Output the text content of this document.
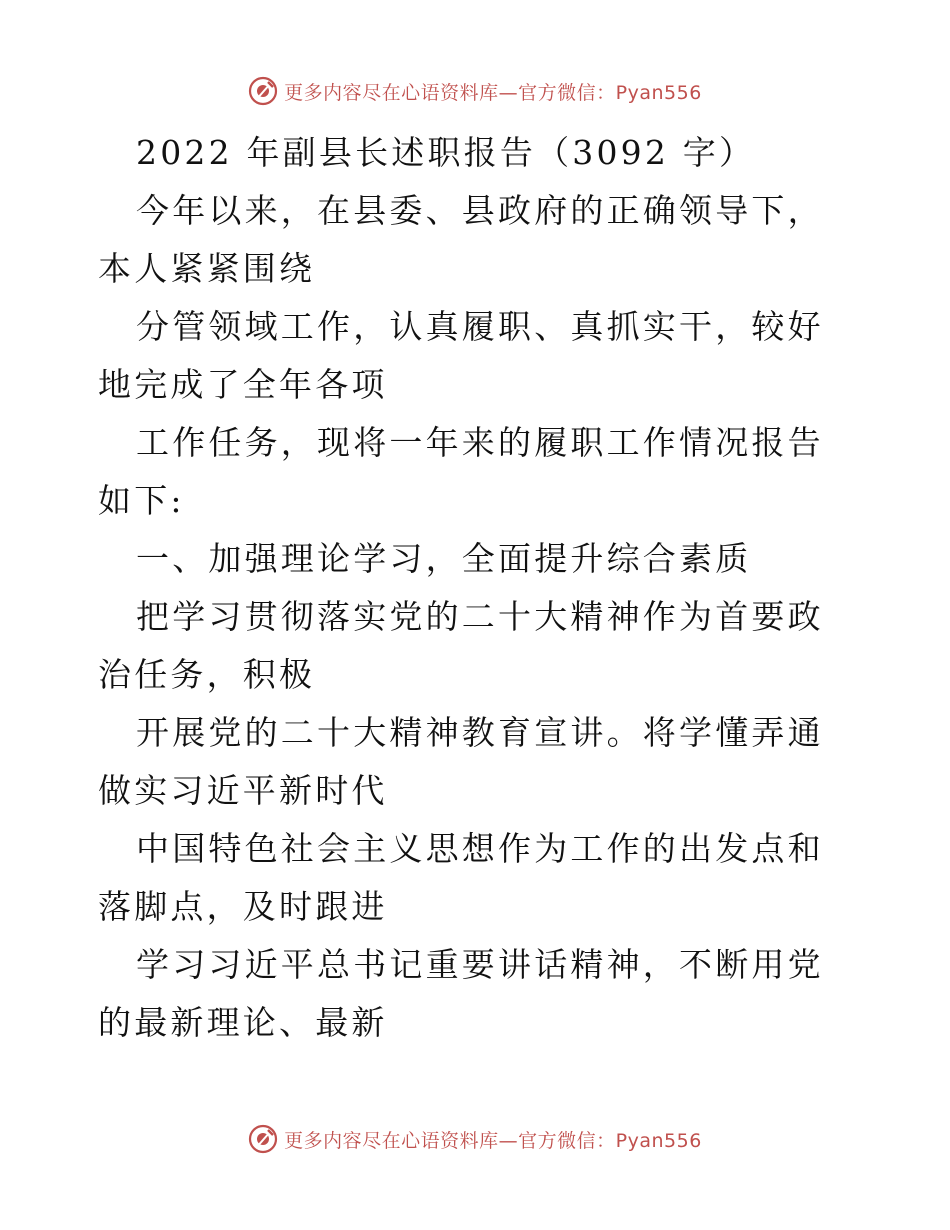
更多内容尽在心语资料库—官方微信：Pyan556

2022 年副县长述职报告（3092 字）

今年以来，在县委、县政府的正确领导下，本人紧紧围绕

分管领域工作，认真履职、真抓实干，较好地完成了全年各项

工作任务，现将一年来的履职工作情况报告如下:

一、加强理论学习，全面提升综合素质

把学习贯彻落实党的二十大精神作为首要政治任务，积极

开展党的二十大精神教育宣讲。将学懂弄通做实习近平新时代

中国特色社会主义思想作为工作的出发点和落脚点，及时跟进

学习习近平总书记重要讲话精神，不断用党的最新理论、最新

更多内容尽在心语资料库—官方微信：Pyan556
